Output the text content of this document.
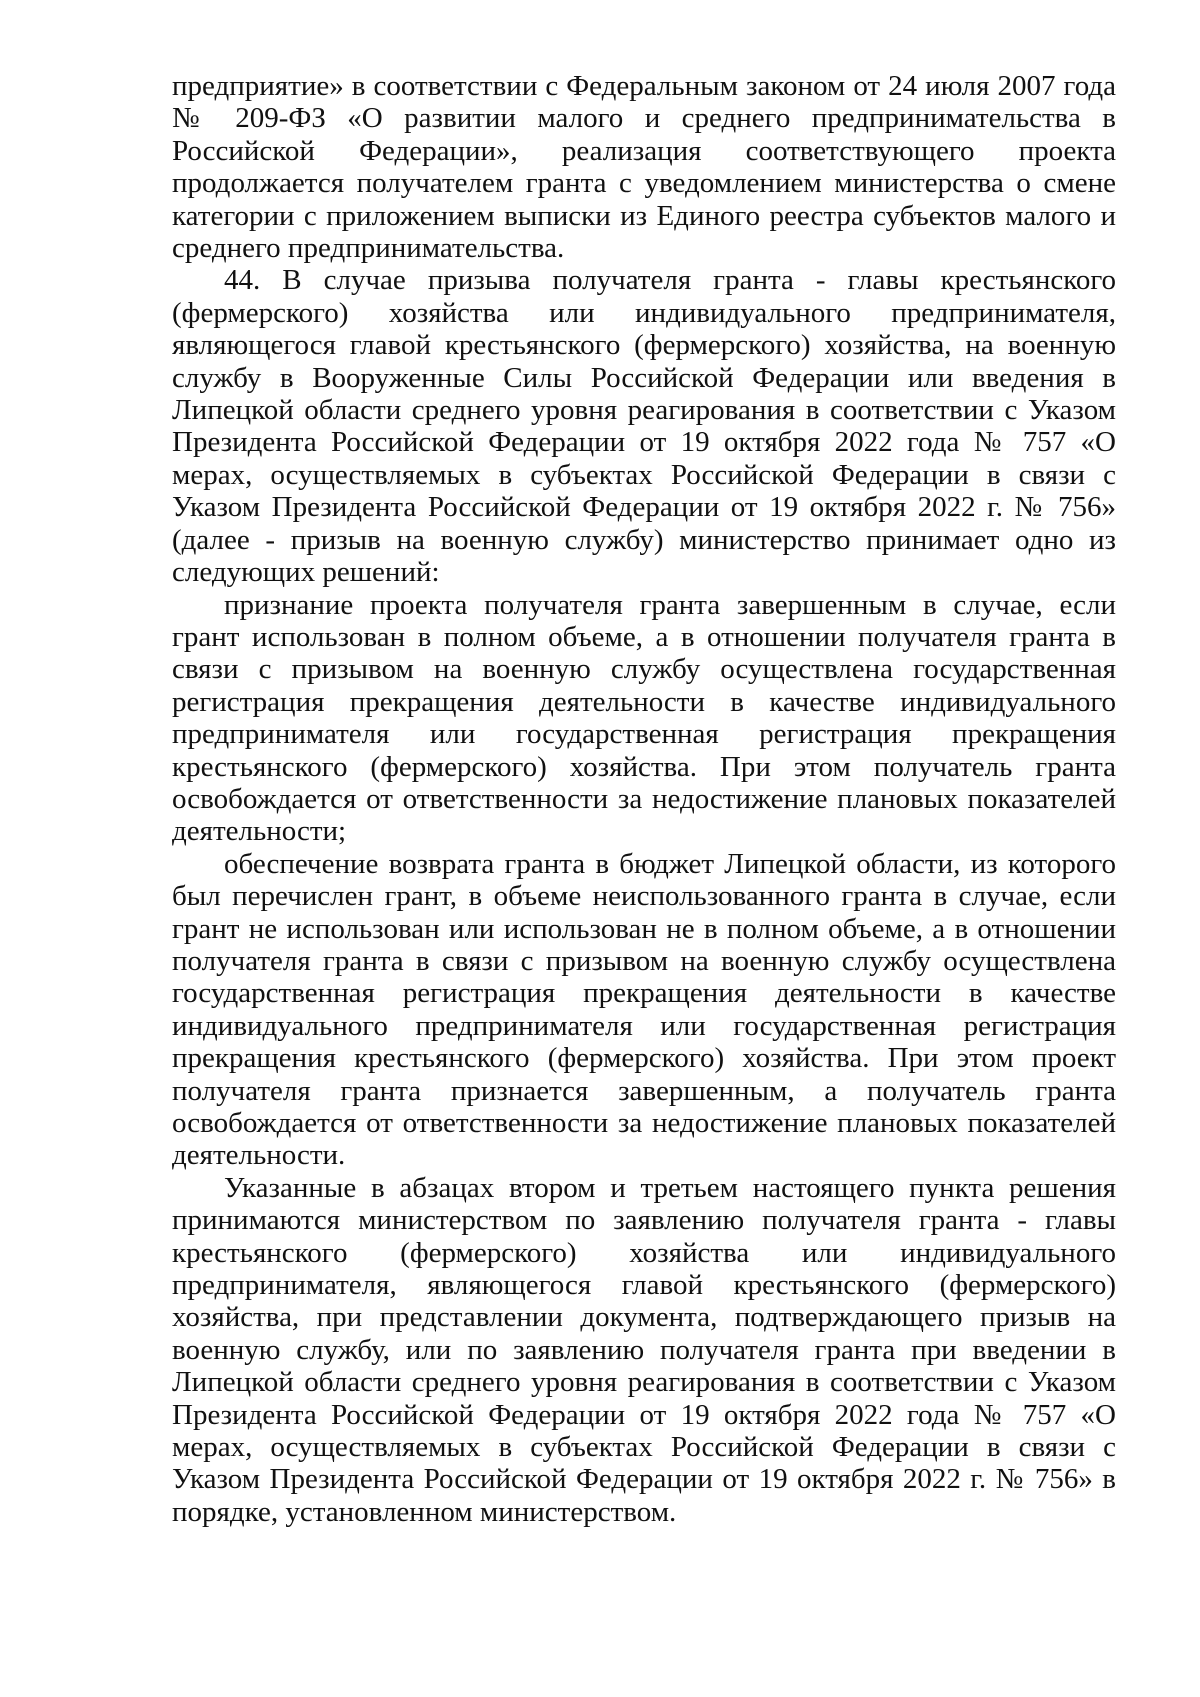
предприятие» в соответствии с Федеральным законом от 24 июля 2007 года № 209-ФЗ «О развитии малого и среднего предпринимательства в Российской Федерации», реализация соответствующего проекта продолжается получателем гранта с уведомлением министерства о смене категории с приложением выписки из Единого реестра субъектов малого и среднего предпринимательства.

44. В случае призыва получателя гранта - главы крестьянского (фермерского) хозяйства или индивидуального предпринимателя, являющегося главой крестьянского (фермерского) хозяйства, на военную службу в Вооруженные Силы Российской Федерации или введения в Липецкой области среднего уровня реагирования в соответствии с Указом Президента Российской Федерации от 19 октября 2022 года № 757 «О мерах, осуществляемых в субъектах Российской Федерации в связи с Указом Президента Российской Федерации от 19 октября 2022 г. № 756» (далее - призыв на военную службу) министерство принимает одно из следующих решений:

признание проекта получателя гранта завершенным в случае, если грант использован в полном объеме, а в отношении получателя гранта в связи с призывом на военную службу осуществлена государственная регистрация прекращения деятельности в качестве индивидуального предпринимателя или государственная регистрация прекращения крестьянского (фермерского) хозяйства. При этом получатель гранта освобождается от ответственности за недостижение плановых показателей деятельности;

обеспечение возврата гранта в бюджет Липецкой области, из которого был перечислен грант, в объеме неиспользованного гранта в случае, если грант не использован или использован не в полном объеме, а в отношении получателя гранта в связи с призывом на военную службу осуществлена государственная регистрация прекращения деятельности в качестве индивидуального предпринимателя или государственная регистрация прекращения крестьянского (фермерского) хозяйства. При этом проект получателя гранта признается завершенным, а получатель гранта освобождается от ответственности за недостижение плановых показателей деятельности.

Указанные в абзацах втором и третьем настоящего пункта решения принимаются министерством по заявлению получателя гранта - главы крестьянского (фермерского) хозяйства или индивидуального предпринимателя, являющегося главой крестьянского (фермерского) хозяйства, при представлении документа, подтверждающего призыв на военную службу, или по заявлению получателя гранта при введении в Липецкой области среднего уровня реагирования в соответствии с Указом Президента Российской Федерации от 19 октября 2022 года № 757 «О мерах, осуществляемых в субъектах Российской Федерации в связи с Указом Президента Российской Федерации от 19 октября 2022 г. № 756» в порядке, установленном министерством.
